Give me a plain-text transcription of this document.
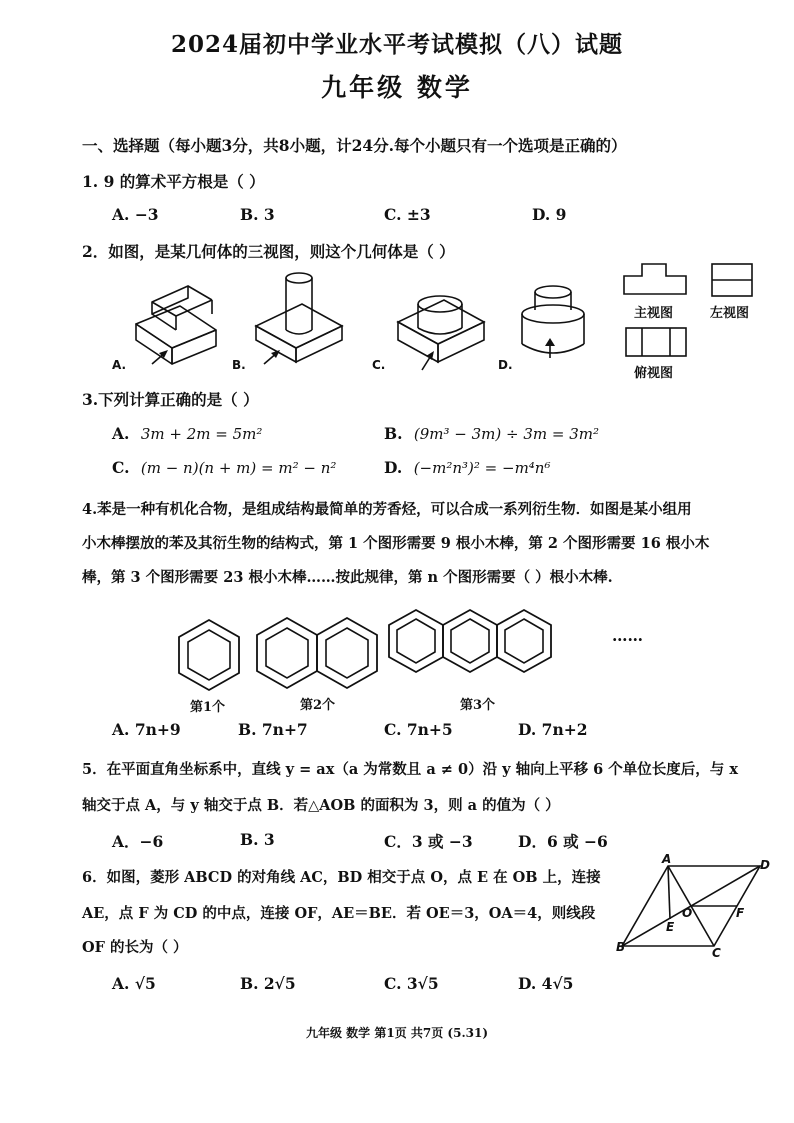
2024届初中学业水平考试模拟（八）试题
九年级 数学
一、选择题（每小题3分，共8小题，计24分.每个小题只有一个选项是正确的）
1. 9 的算术平方根是（ ）
A. −3	B. 3	C. ±3	D. 9
2．如图，是某几何体的三视图，则这个几何体是（ ）
A.	B.	C.	D.
主视图	左视图
俯视图
3.下列计算正确的是（ ）
A. 3m + 2m = 5m²	B. (9m³ − 3m) ÷ 3m = 3m²
C. (m − n)(n + m) = m² − n²	D. (−m²n³)² = −m⁴n⁶
4.苯是一种有机化合物，是组成结构最简单的芳香烃，可以合成一系列衍生物．如图是某小组用
小木棒摆放的苯及其衍生物的结构式，第 1 个图形需要 9 根小木棒，第 2 个图形需要 16 根小木
棒，第 3 个图形需要 23 根小木棒……按此规律，第 n 个图形需要（ ）根小木棒.
……
第1个	第2个	第3个
A. 7n+9	B. 7n+7	C. 7n+5	D. 7n+2
5．在平面直角坐标系中，直线 y = ax（a 为常数且 a ≠ 0）沿 y 轴向上平移 6 个单位长度后，与 x
轴交于点 A，与 y 轴交于点 B．若△AOB 的面积为 3，则 a 的值为（ ）
A．−6	B. 3	C．3 或 −3	D．6 或 −6
6．如图，菱形 ABCD 的对角线 AC，BD 相交于点 O，点 E 在 OB 上，连接
AE，点 F 为 CD 的中点，连接 OF，AE＝BE．若 OE＝3，OA＝4，则线段
OF 的长为（ ）
A. √5	B. 2√5	C. 3√5	D. 4√5
A	D
B	C
O
E
F
九年级 数学 第1页 共7页 (5.31)
